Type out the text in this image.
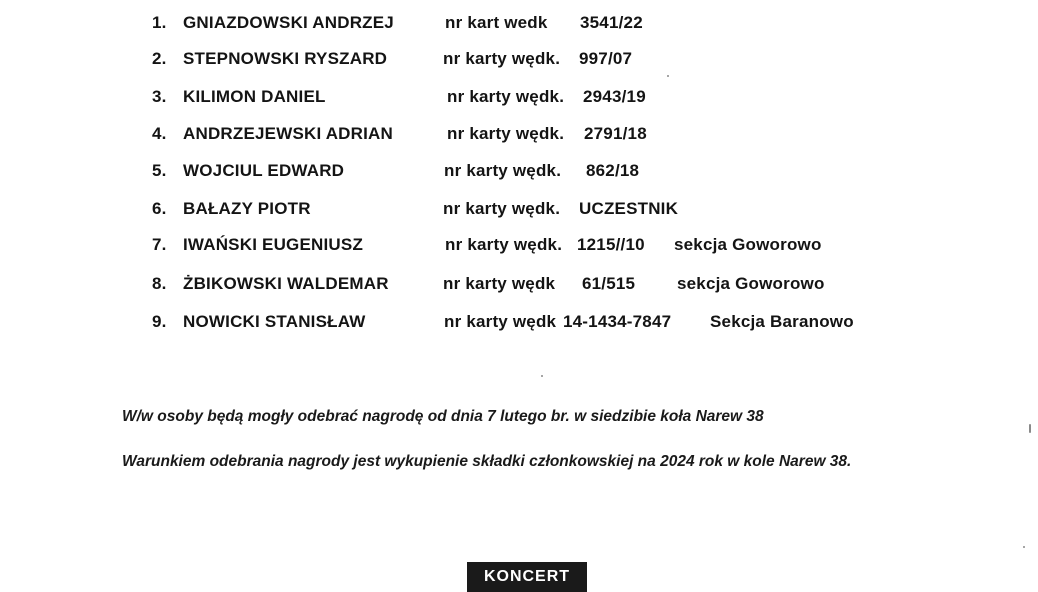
1. GNIAZDOWSKI ANDRZEJ	nr kart wedk 3541/22
2. STEPNOWSKI RYSZARD	nr karty wędk. 997/07
3. KILIMON DANIEL	nr karty wędk. 2943/19
4. ANDRZEJEWSKI ADRIAN	nr karty wędk. 2791/18
5. WOJCIUL EDWARD	nr karty wędk. 862/18
6. BAŁAZY PIOTR	nr karty wędk. UCZESTNIK
7. IWAŃSKI EUGENIUSZ	nr karty wędk. 1215//10 sekcja Goworowo
8. ŻBIKOWSKI WALDEMAR	nr karty wędk 61/515 sekcja Goworowo
9. NOWICKI STANISŁAW	nr karty wędk 14-1434-7847 Sekcja Baranowo
W/w osoby będą mogły odebrać nagrodę od dnia 7 lutego br. w siedzibie koła Narew 38
Warunkiem odebrania nagrody jest wykupienie składki członkowskiej na 2024 rok w kole Narew 38.
KONCERT
